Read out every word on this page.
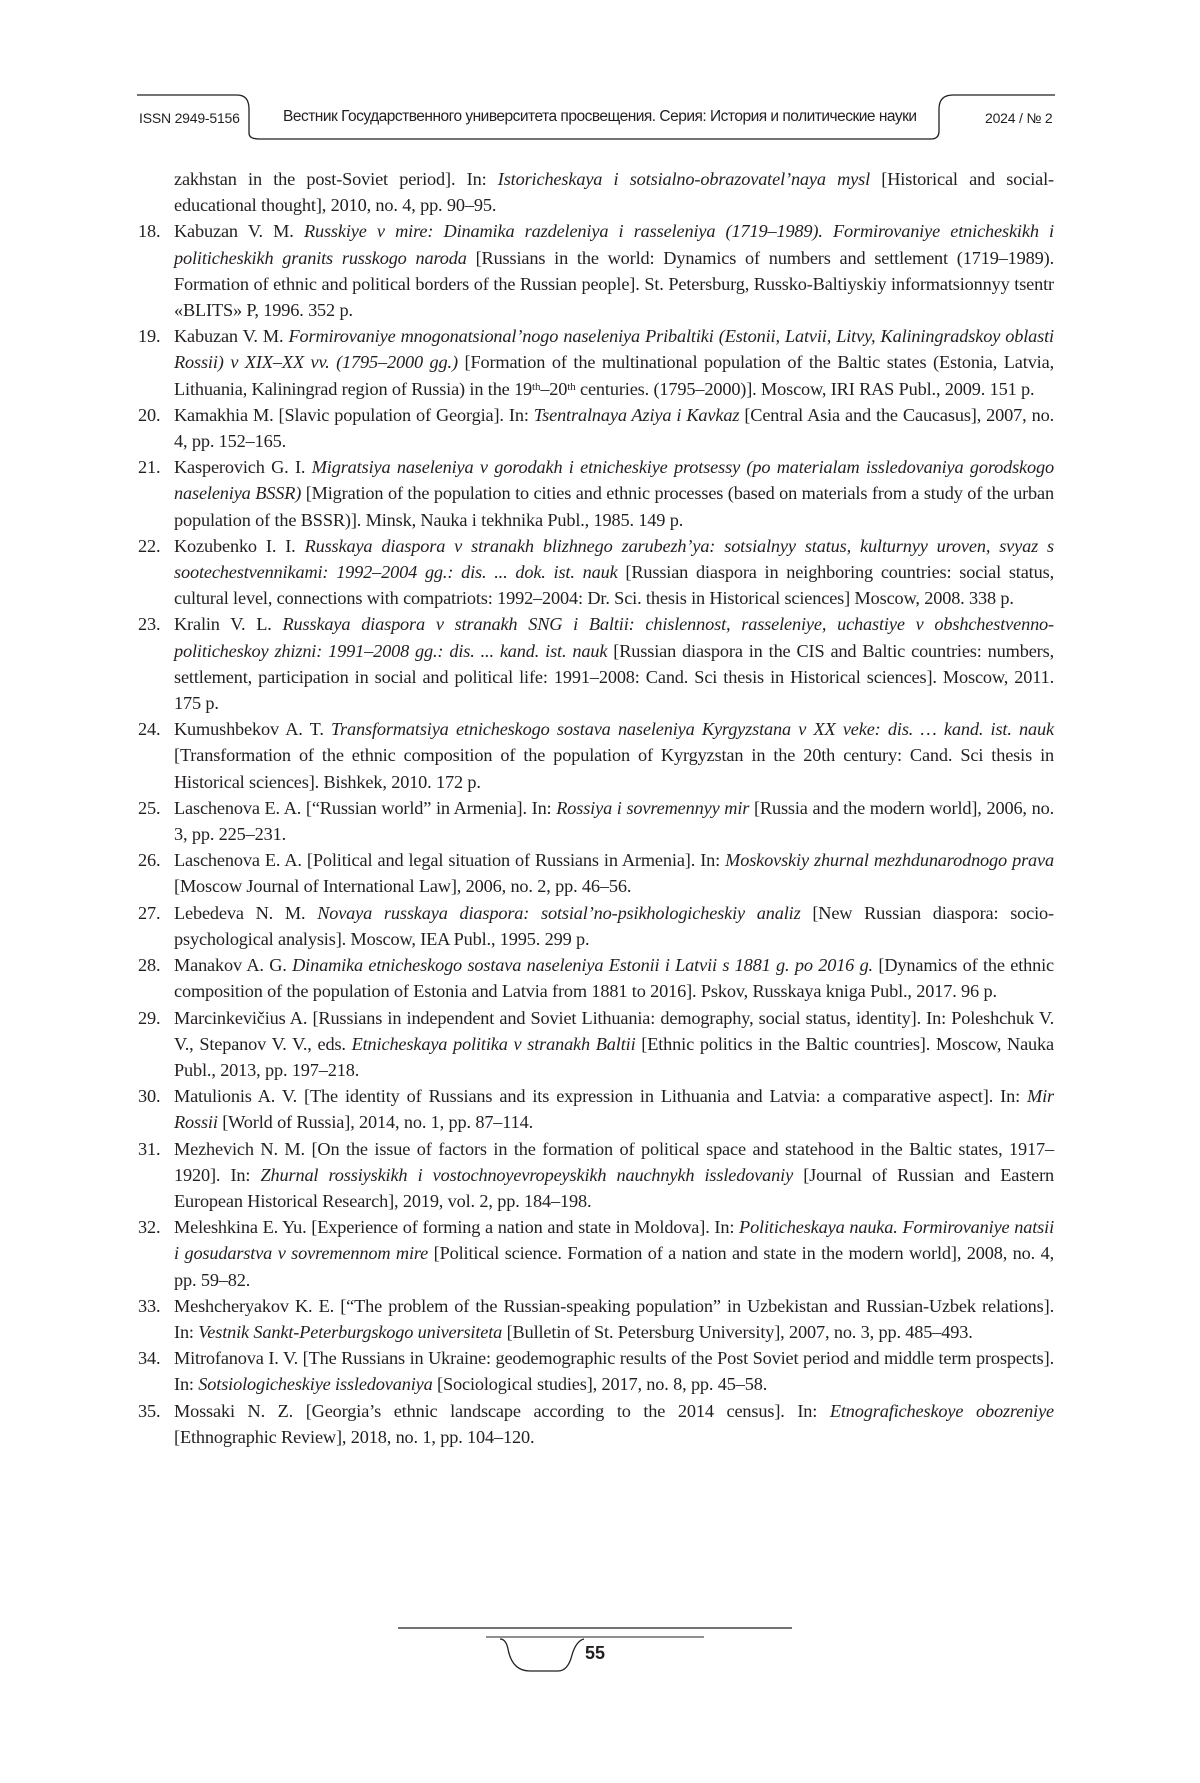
ISSN 2949-5156	Вестник Государственного университета просвещения. Серия: История и политические науки	2024 / № 2
zakhstan in the post-Soviet period]. In: Istoricheskaya i sotsialno-obrazovatel’naya mysl [Historical and social-educational thought], 2010, no. 4, pp. 90–95.
18. Kabuzan V. M. Russkiye v mire: Dinamika razdeleniya i rasseleniya (1719–1989). Formirovaniye etnicheskikh i politicheskikh granits russkogo naroda [Russians in the world: Dynamics of numbers and settlement (1719–1989). Formation of ethnic and political borders of the Russian people]. St. Petersburg, Russko-Baltiyskiy informatsionnyy tsentr «BLITS» P, 1996. 352 p.
19. Kabuzan V. M. Formirovaniye mnogonatsional’nogo naseleniya Pribaltiki (Estonii, Latvii, Litvy, Kaliningradskoy oblasti Rossii) v XIX–XX vv. (1795–2000 gg.) [Formation of the multinational population of the Baltic states (Estonia, Latvia, Lithuania, Kaliningrad region of Russia) in the 19th–20th centuries. (1795–2000)]. Moscow, IRI RAS Publ., 2009. 151 p.
20. Kamakhia M. [Slavic population of Georgia]. In: Tsentralnaya Aziya i Kavkaz [Central Asia and the Caucasus], 2007, no. 4, pp. 152–165.
21. Kasperovich G. I. Migratsiya naseleniya v gorodakh i etnicheskiye protsessy (po materialam issledovaniya gorodskogo naseleniya BSSR) [Migration of the population to cities and ethnic processes (based on materials from a study of the urban population of the BSSR)]. Minsk, Nauka i tekhnika Publ., 1985. 149 p.
22. Kozubenko I. I. Russkaya diaspora v stranakh blizhnego zarubezh’ya: sotsialnyy status, kulturnyy uroven, svyaz s sootechestvennikami: 1992–2004 gg.: dis. ... dok. ist. nauk [Russian diaspora in neighboring countries: social status, cultural level, connections with compatriots: 1992–2004: Dr. Sci. thesis in Historical sciences] Moscow, 2008. 338 p.
23. Kralin V. L. Russkaya diaspora v stranakh SNG i Baltii: chislennost, rasseleniye, uchastiye v obshchestvenno-politicheskoy zhizni: 1991–2008 gg.: dis. ... kand. ist. nauk [Russian diaspora in the CIS and Baltic countries: numbers, settlement, participation in social and political life: 1991–2008: Cand. Sci thesis in Historical sciences]. Moscow, 2011. 175 p.
24. Kumushbekov A. T. Transformatsiya etnicheskogo sostava naseleniya Kyrgyzstana v XX veke: dis. … kand. ist. nauk [Transformation of the ethnic composition of the population of Kyrgyzstan in the 20th century: Cand. Sci thesis in Historical sciences]. Bishkek, 2010. 172 p.
25. Laschenova E. A. [“Russian world” in Armenia]. In: Rossiya i sovremennyy mir [Russia and the modern world], 2006, no. 3, pp. 225–231.
26. Laschenova E. A. [Political and legal situation of Russians in Armenia]. In: Moskovskiy zhurnal mezhdunarodnogo prava [Moscow Journal of International Law], 2006, no. 2, pp. 46–56.
27. Lebedeva N. M. Novaya russkaya diaspora: sotsial’no-psikhologicheskiy analiz [New Russian diaspora: socio-psychological analysis]. Moscow, IEA Publ., 1995. 299 p.
28. Manakov A. G. Dinamika etnicheskogo sostava naseleniya Estonii i Latvii s 1881 g. po 2016 g. [Dynamics of the ethnic composition of the population of Estonia and Latvia from 1881 to 2016]. Pskov, Russkaya kniga Publ., 2017. 96 p.
29. Marcinkevičius A. [Russians in independent and Soviet Lithuania: demography, social status, identity]. In: Poleshchuk V. V., Stepanov V. V., eds. Etnicheskaya politika v stranakh Baltii [Ethnic politics in the Baltic countries]. Moscow, Nauka Publ., 2013, pp. 197–218.
30. Matulionis A. V. [The identity of Russians and its expression in Lithuania and Latvia: a comparative aspect]. In: Mir Rossii [World of Russia], 2014, no. 1, pp. 87–114.
31. Mezhevich N. M. [On the issue of factors in the formation of political space and statehood in the Baltic states, 1917–1920]. In: Zhurnal rossiyskikh i vostochnoyevropeyskikh nauchnykh issledovaniy [Journal of Russian and Eastern European Historical Research], 2019, vol. 2, pp. 184–198.
32. Meleshkina E. Yu. [Experience of forming a nation and state in Moldova]. In: Politicheskaya nauka. Formirovaniye natsii i gosudarstva v sovremennom mire [Political science. Formation of a nation and state in the modern world], 2008, no. 4, pp. 59–82.
33. Meshcheryakov K. E. [“The problem of the Russian-speaking population” in Uzbekistan and Russian-Uzbek relations]. In: Vestnik Sankt-Peterburgskogo universiteta [Bulletin of St. Petersburg University], 2007, no. 3, pp. 485–493.
34. Mitrofanova I. V. [The Russians in Ukraine: geodemographic results of the Post Soviet period and middle term prospects]. In: Sotsiologicheskiye issledovaniya [Sociological studies], 2017, no. 8, pp. 45–58.
35. Mossaki N. Z. [Georgia’s ethnic landscape according to the 2014 census]. In: Etnograficheskoye obozreniye [Ethnographic Review], 2018, no. 1, pp. 104–120.
55
